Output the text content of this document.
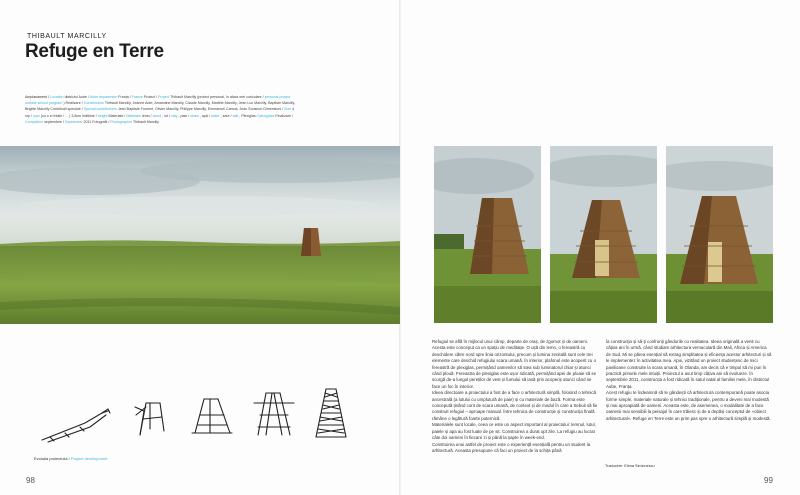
THIBAULT MARCILLY
Refuge en Terre
Amplasament / Location districtul Aube / Aube department Franța / France Proiect / Project Thibault Marcilly (proiect personal, în afara orei curiculare / personal project outside school program ) Realizare / Construction Thibault Marcilly, Jeanne Ader, Amandine Marcilly, Claude Marcilly, Marithé Marcilly, Jean Luc Marcilly, Baptiste Marcilly, Brigitte Marcilly Contribuții speciale / Special contributions Jean Baptiste Fournet, Olivier Marcilly, Philippe Marcilly, Emmanuel Camus, Jean Sousnon Dimensiuni / Size 4 mp / sqm (cu o zi întâie / ... ) 3,8cm înălțime / height Materiale / Materials lemn / wood , lut / clay , paie / straw , apă / water , sare / salt , Plexiglas / plexiglass Finalizare / Completion septembrie / September 2011 Fotografii / Photographer Thibault Marcilly
Evoluția proiectului / Project development
98

Refugiul se află în mijlocul unui câmp, departe de oraș, de zgomot și de oameni. Acesta este conceput ca un spațiu de meditație. O ușă din lemn, o fereastră cu deschidere către nord spre linia orizontului, precum și lumina zenitală sunt cele trei elemente care deschid refugiului scara umană. În interior, plafonul este acoperit cu o fereastră de plexiglas, permițând oamenilor să stea sub luminatorul chiar și atunci când plouă. Fereastra de plexiglas este ușor ridicată, permițând apei de ploaie să se scurgă de-a lungul pereților de vest și fumului să iasă prin acoperiș atunci când se face un foc în interior.

Ideea directoare a proiectului a fost de a face o arhitectură simplă, folosind o tehnică ancestrală (a lutului cu umplutură de paie) și cu materiale de bază. Forma este concepută ținând cont de scara umană, de context și de modul în care a trebuit să fie construit refugiul – aproape manual. Între tehnica de construcție și construcția finală rămâne o legătură foarte puternică.

Materialele sunt locale, ceea ce este un aspect important al proiectului: lemnul, lutul, paiele și apa au fost luate de pe sit. Construirea a durat opt zile. La refugiu au lucrat câte doi oameni în fiecare zi și până la șapte în week-end.

Construirea unui astfel de proiect este o experiență esențială pentru un student la arhitectură. Aceasta presupune că faci un proiect de la schița până

la construcția și să-ți confrunți gândurile cu realitatea. Ideea originală a venit cu câțiva ani în urmă, când studiam arhitectura vernaculară din Mali, Africa și America de Sud. Mi se părea esențial să extrag simplitatea și eficiența acestor arhitecturi și să le implementez în activitatea mea. Apoi, vizitând un proiect studențesc de mici pavilioane construite la scara umană, în Olanda, am decis că e timpul să mi pun în practică primele mele intuiții. Proiectul a avut timp câțiva ani să evolueze. În septembrie 2011, construcția a fost ridicată în satul natal al familiei mele, în districtul Aube, Franța.

Acest refugiu te îndeamnă să te gândești că arhitectura contemporană poate asocia forme simple, materiale naturale și tehnici tradiționale, pentru a deveni mai modestă și mai aproapiată de oameni. Aceasta este, de asemenea, o modalitate de a face oamenii mai sensibili la peisajul în care trăiesc și de a depăși conceptul de «obiect arhitectural». Refuge en Terre este un prim pas spre o arhitectură simplă și modestă.

Traducere: Elena Simionescu
99
